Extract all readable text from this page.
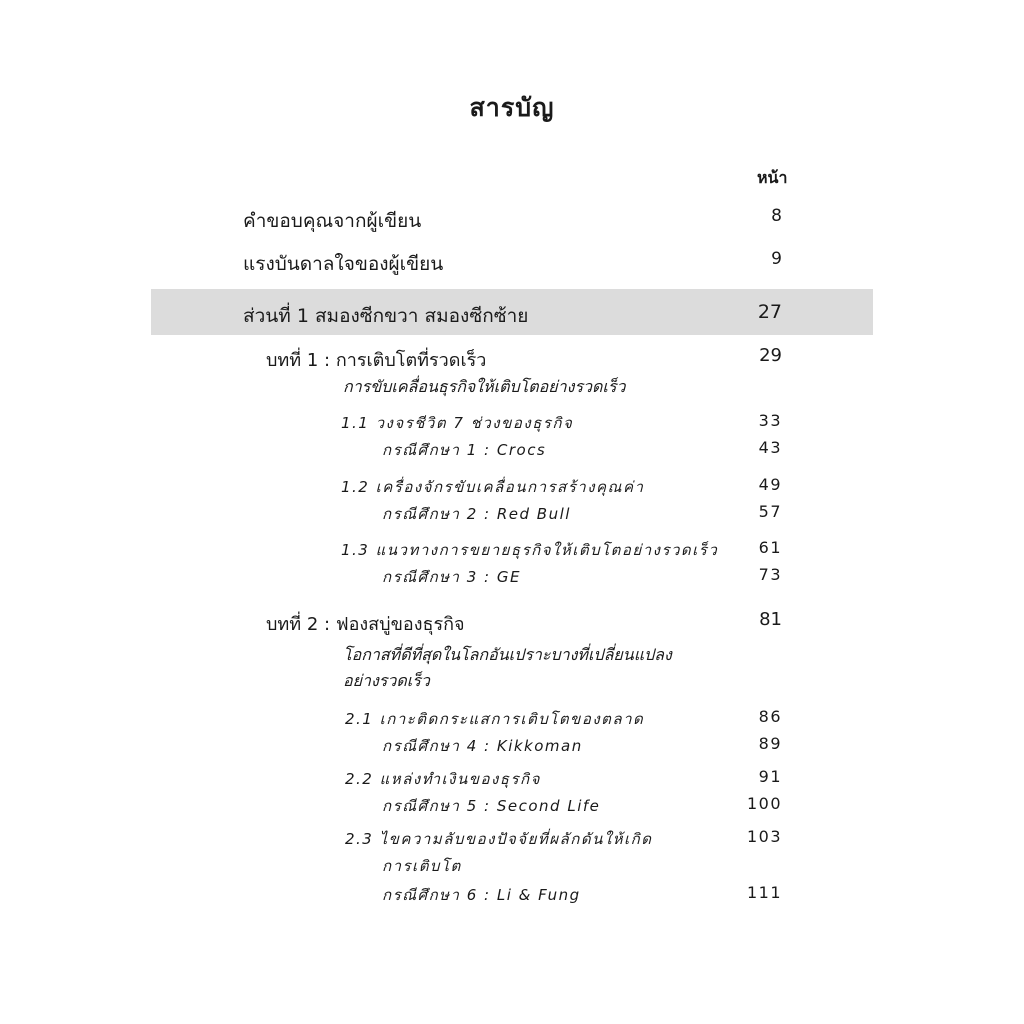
สารบัญ
หน้า
คำขอบคุณจากผู้เขียน	8
แรงบันดาลใจของผู้เขียน	9
ส่วนที่ 1 สมองซีกขวา สมองซีกซ้าย	27
บทที่ 1 : การเติบโตที่รวดเร็ว	29
การขับเคลื่อนธุรกิจให้เติบโตอย่างรวดเร็ว
1.1 วงจรชีวิต 7 ช่วงของธุรกิจ	33
กรณีศึกษา 1 : Crocs	43
1.2 เครื่องจักรขับเคลื่อนการสร้างคุณค่า	49
กรณีศึกษา 2 : Red Bull	57
1.3 แนวทางการขยายธุรกิจให้เติบโตอย่างรวดเร็ว	61
กรณีศึกษา 3 : GE	73
บทที่ 2 : ฟองสบู่ของธุรกิจ	81
โอกาสที่ดีที่สุดในโลกอันเปราะบางที่เปลี่ยนแปลง
อย่างรวดเร็ว
2.1 เกาะติดกระแสการเติบโตของตลาด	86
กรณีศึกษา 4 : Kikkoman	89
2.2 แหล่งทำเงินของธุรกิจ	91
กรณีศึกษา 5 : Second Life	100
2.3 ไขความลับของปัจจัยที่ผลักดันให้เกิด	103
การเติบโต
กรณีศึกษา 6 : Li & Fung	111
